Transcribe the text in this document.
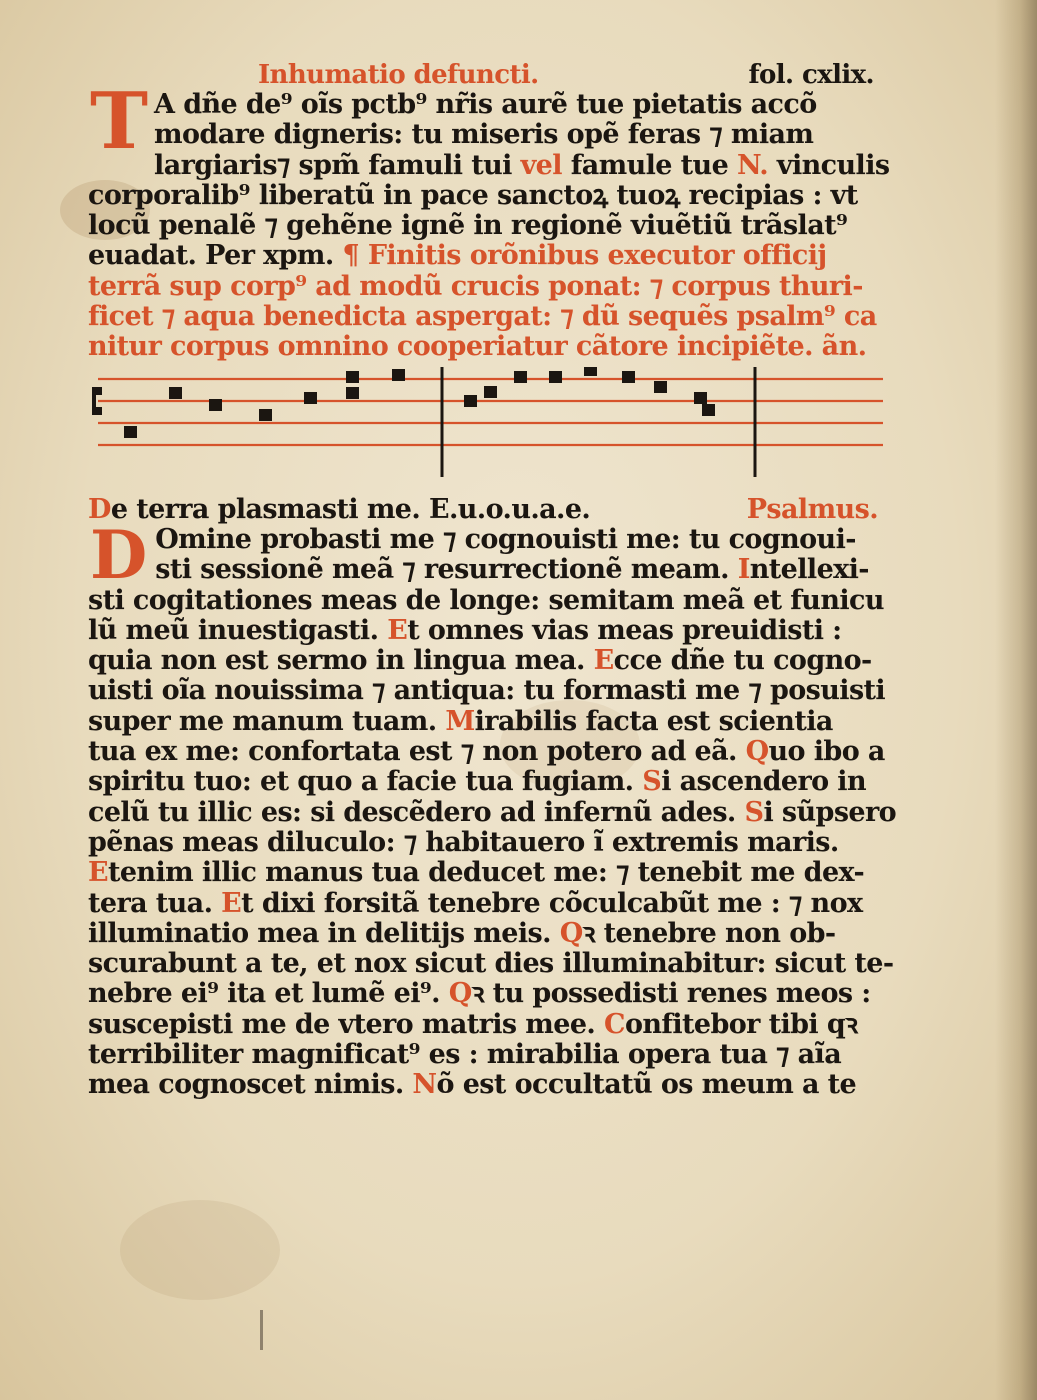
Inhumatio defuncti.	fol. cxlix.
T A dñe de⁹ oĩs pctb⁹ nr̃is aurẽ tue pietatis accõ
modare digneris: tu miseris opẽ feras ⁊ miam
largiaris⁊ spm̃ famuli tui vel famule tue N. vinculis
corporalib⁹ liberatũ in pace sanctoꝝ tuoꝝ recipias : vt
locũ penalẽ ⁊ gehẽne ignẽ in regionẽ viuẽtiũ trãslat⁹
euadat. Per xpm. ¶ Finitis orõnibus executor officij
terrã sup corp⁹ ad modũ crucis ponat: ⁊ corpus thuri-
ficet ⁊ aqua benedicta aspergat: ⁊ dũ sequẽs psalm⁹ ca
nitur corpus omnino cooperiatur cãtore incipiẽte. ãn.
De terra plasmasti me. E.u.o.u.a.e.	Psalmus.
D Omine probasti me ⁊ cognouisti me: tu cognoui-
sti sessionẽ meã ⁊ resurrectionẽ meam. Intellexi-
sti cogitationes meas de longe: semitam meã et funicu
lũ meũ inuestigasti. Et omnes vias meas preuidisti :
quia non est sermo in lingua mea. Ecce dñe tu cogno-
uisti oĩa nouissima ⁊ antiqua: tu formasti me ⁊ posuisti
super me manum tuam. Mirabilis facta est scientia
tua ex me: confortata est ⁊ non potero ad eã. Quo ibo a
spiritu tuo: et quo a facie tua fugiam. Si ascendero in
celũ tu illic es: si descẽdero ad infernũ ades. Si sũpsero
pẽnas meas diluculo: ⁊ habitauero ĩ extremis maris.
Etenim illic manus tua deducet me: ⁊ tenebit me dex-
tera tua. Et dixi forsitã tenebre cõculcabũt me : ⁊ nox
illuminatio mea in delitijs meis. Qꝛ tenebre non ob-
scurabunt a te, et nox sicut dies illuminabitur: sicut te-
nebre ei⁹ ita et lumẽ ei⁹. Qꝛ tu possedisti renes meos :
suscepisti me de vtero matris mee. Confitebor tibi qꝛ
terribiliter magnificat⁹ es : mirabilia opera tua ⁊ aĩa
mea cognoscet nimis. Nõ est occultatũ os meum a te
